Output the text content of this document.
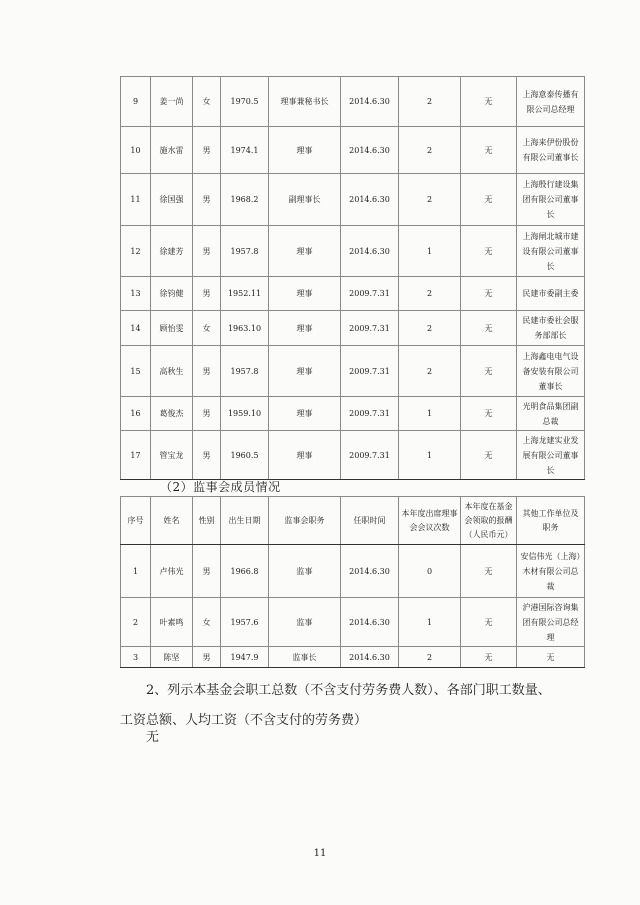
9	姜一尚	女	1970.5	理事兼秘书长	2014.6.30	2	无	上海意泰传播有限公司总经理
10	施水雷	男	1974.1	理事	2014.6.30	2	无	上海来伊份股份有限公司董事长
11	徐国强	男	1968.2	副理事长	2014.6.30	2	无	上海殷行建设集团有限公司董事长
12	徐建芳	男	1957.8	理事	2014.6.30	1	无	上海闸北城市建设有限公司董事长
13	徐钧健	男	1952.11	理事	2009.7.31	2	无	民建市委副主委
14	顾怡雯	女	1963.10	理事	2009.7.31	2	无	民建市委社会服务部部长
15	高秋生	男	1957.8	理事	2009.7.31	2	无	上海鑫电电气设备安装有限公司董事长
16	葛俊杰	男	1959.10	理事	2009.7.31	1	无	光明食品集团副总裁
17	管宝龙	男	1960.5	理事	2009.7.31	1	无	上海龙建实业发展有限公司董事长
（2）监事会成员情况
序号	姓名	性别	出生日期	监事会职务	任职时间	本年度出席理事会会议次数	本年度在基金会领取的报酬（人民币元）	其他工作单位及职务
1	卢伟光	男	1966.8	监事	2014.6.30	0	无	安信伟光（上海）木材有限公司总裁
2	叶素鸣	女	1957.6	监事	2014.6.30	1	无	沪港国际咨询集团有限公司总经理
3	陈坚	男	1947.9	监事长	2014.6.30	2	无	无
2、列示本基金会职工总数（不含支付劳务费人数）、各部门职工数量、工资总额、人均工资（不含支付的劳务费）
无
11
